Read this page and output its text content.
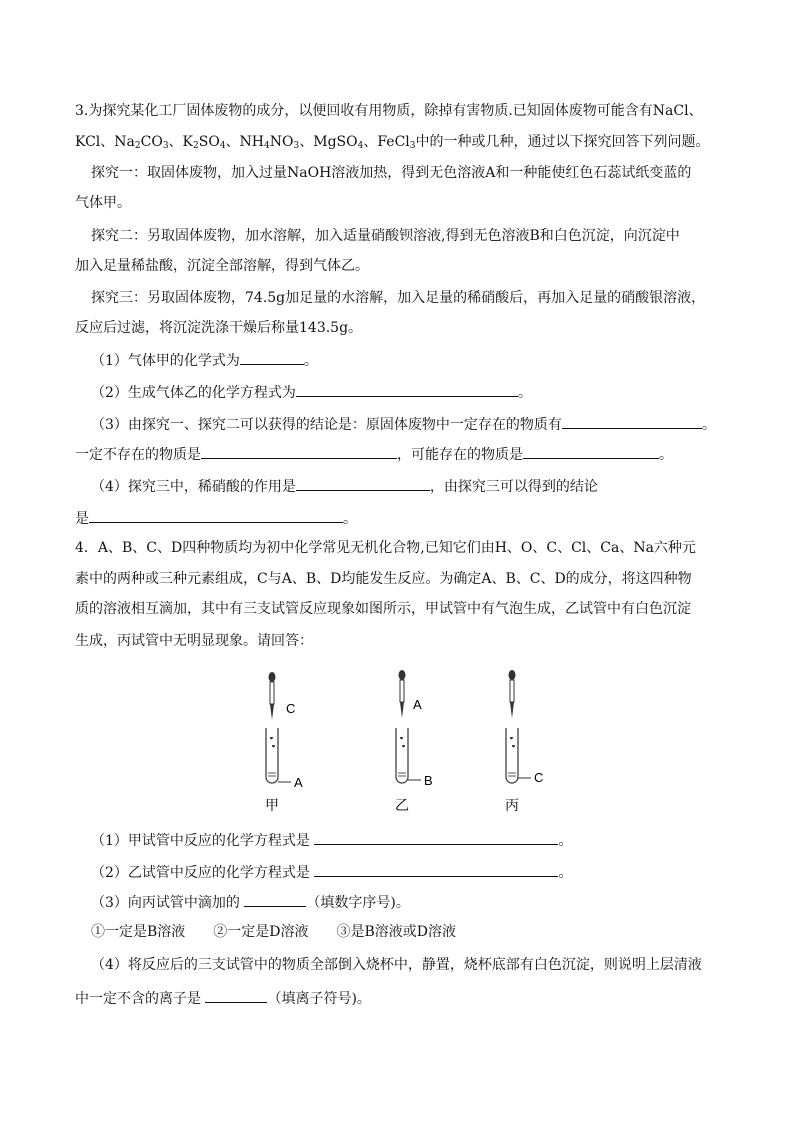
3.为探究某化工厂固体废物的成分，以便回收有用物质，除掉有害物质.已知固体废物可能含有NaCl、
KCl、$Na_2CO_3$、$K_2SO_4$、$NH_4NO_3$、MgSO$_4$、FeCl$_3$中的一种或几种，通过以下探究回答下列问题。
探究一：取固体废物，加入过量NaOH溶液加热，得到无色溶液A和一种能使红色石蕊试纸变蓝的
气体甲。
探究二：另取固体废物，加水溶解，加入适量硝酸钡溶液,得到无色溶液B和白色沉淀，向沉淀中
加入足量稀盐酸，沉淀全部溶解，得到气体乙。
探究三：另取固体废物，74.5g加足量的水溶解，加入足量的稀硝酸后，再加入足量的硝酸银溶液，
反应后过滤，将沉淀洗涤干燥后称量143.5g。
（1）气体甲的化学式为	。
（2）生成气体乙的化学方程式为	。
（3）由探究一、探究二可以获得的结论是：原固体废物中一定存在的物质有	。
一定不存在的物质是	，可能存在的物质是	。
（4）探究三中，稀硝酸的作用是	，由探究三可以得到的结论
是	。
4．A、B、C、D四种物质均为初中化学常见无机化合物,已知它们由H、O、C、Cl、Ca、Na六种元
素中的两种或三种元素组成，C与A、B、D均能发生反应。为确定A、B、C、D的成分，将这四种物
质的溶液相互滴加，其中有三支试管反应现象如图所示，甲试管中有气泡生成，乙试管中有白色沉淀
生成，丙试管中无明显现象。请回答：
C
A
甲
A
B
乙
C
丙
（1）甲试管中反应的化学方程式是	。
（2）乙试管中反应的化学方程式是	。
（3）向丙试管中滴加的	（填数字序号)。
①一定是B溶液　　②一定是D溶液　　③是B溶液或D溶液
（4）将反应后的三支试管中的物质全部倒入烧杯中，静置，烧杯底部有白色沉淀，则说明上层清液
中一定不含的离子是	（填离子符号)。
